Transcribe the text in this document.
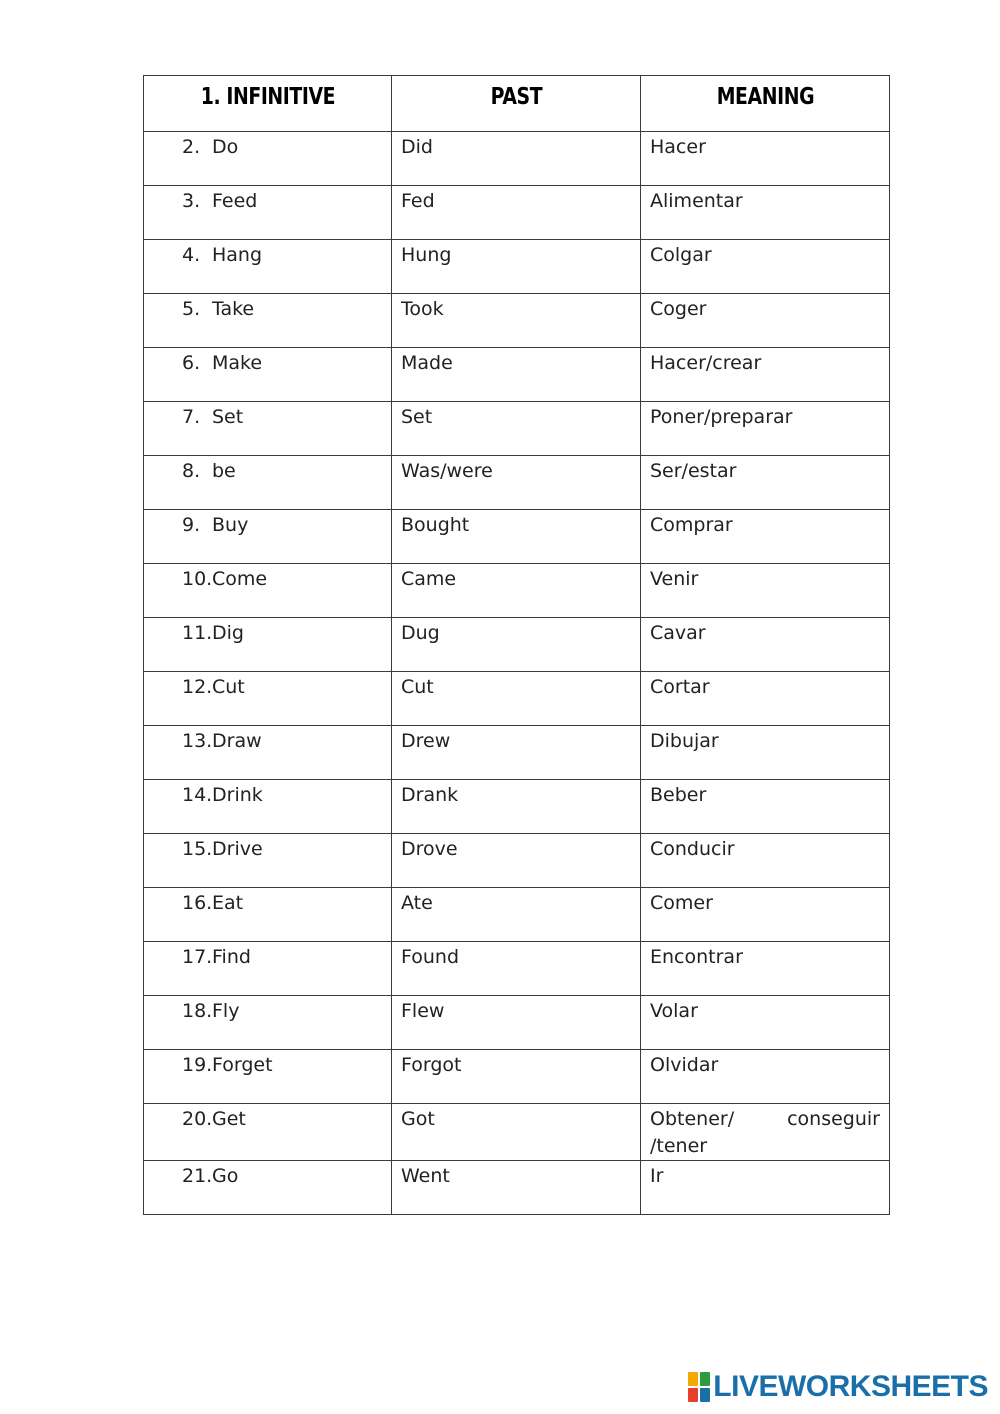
1. INFINITIVE	PAST	MEANING

2. Do	Did	Hacer

3. Feed	Fed	Alimentar

4. Hang	Hung	Colgar

5. Take	Took	Coger

6. Make	Made	Hacer/crear

7. Set	Set	Poner/preparar

8. be	Was/were	Ser/estar

9. Buy	Bought	Comprar

10.Come	Came	Venir

11.Dig	Dug	Cavar

12.Cut	Cut	Cortar

13.Draw	Drew	Dibujar

14.Drink	Drank	Beber

15.Drive	Drove	Conducir

16.Eat	Ate	Comer

17.Find	Found	Encontrar

18.Fly	Flew	Volar

19.Forget	Forgot	Olvidar

20.Get	Got	Obtener/ conseguir /tener

21.Go	Went	Ir
LIVEWORKSHEETS
